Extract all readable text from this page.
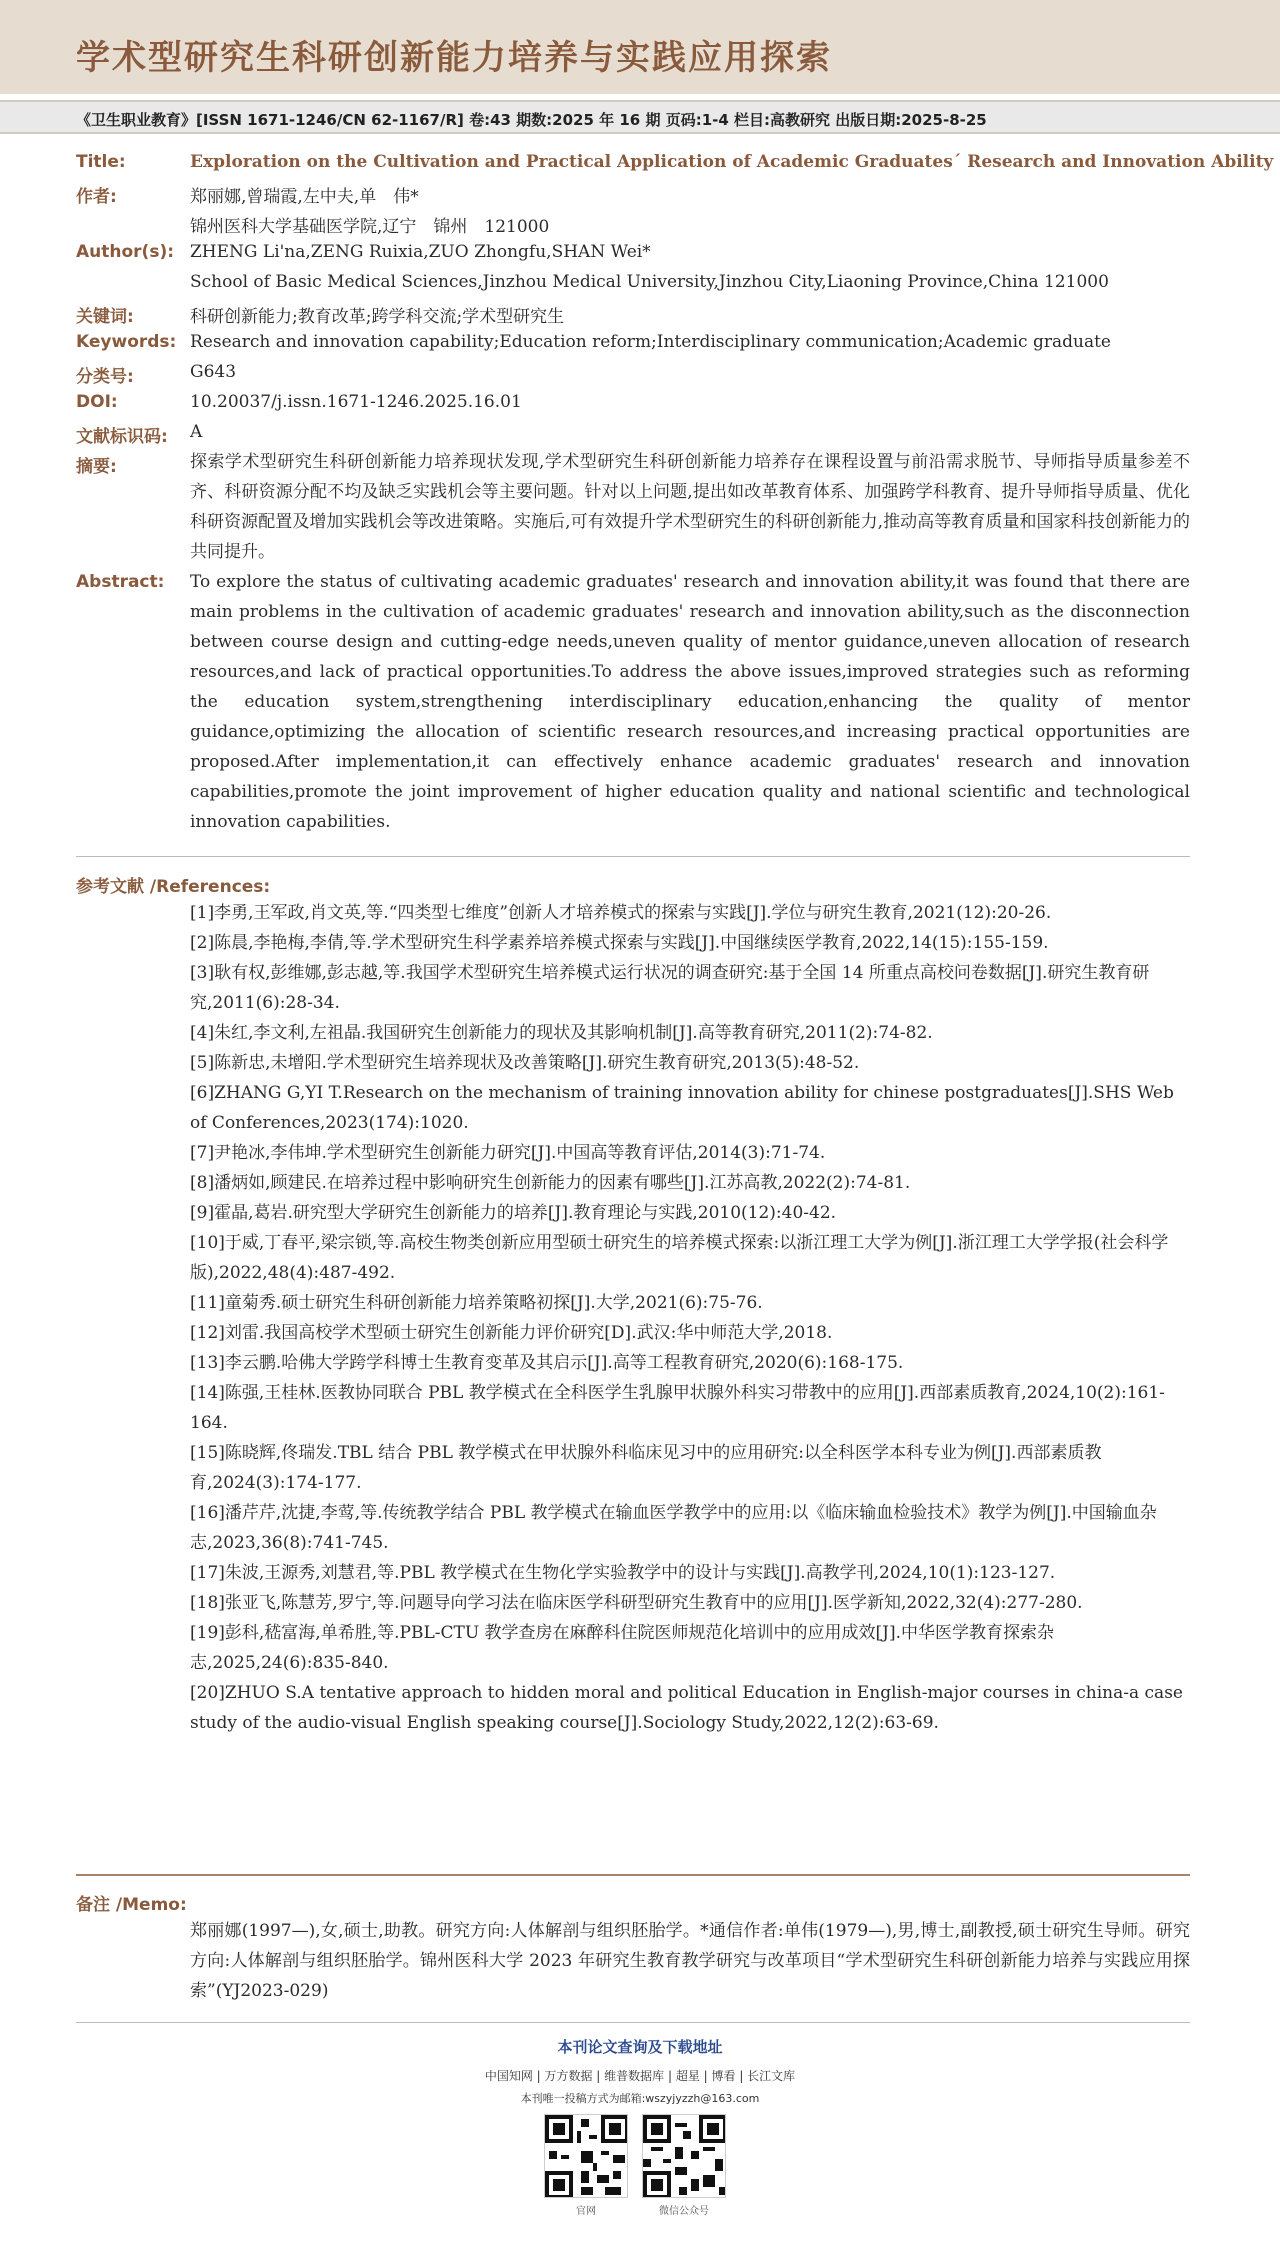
学术型研究生科研创新能力培养与实践应用探索
《卫生职业教育》[ISSN 1671-1246/CN 62-1167/R] 卷:43 期数:2025 年 16 期 页码:1-4 栏目:高教研究 出版日期:2025-8-25
Title:	Exploration on the Cultivation and Practical Application of Academic Graduates´ Research and Innovation Ability
作者:	郑丽娜,曾瑞霞,左中夫,单　伟*
锦州医科大学基础医学院,辽宁　锦州　121000
Author(s): ZHENG Li'na,ZENG Ruixia,ZUO Zhongfu,SHAN Wei*
School of Basic Medical Sciences,Jinzhou Medical University,Jinzhou City,Liaoning Province,China 121000
关键词:	科研创新能力;教育改革;跨学科交流;学术型研究生
Keywords: Research and innovation capability;Education reform;Interdisciplinary communication;Academic graduate
分类号:	G643
DOI:	10.20037/j.issn.1671-1246.2025.16.01
文献标识码: A
摘要:	探索学术型研究生科研创新能力培养现状发现,学术型研究生科研创新能力培养存在课程设置与前沿需求脱节、导师指导质量参差不齐、科研资源分配不均及缺乏实践机会等主要问题。针对以上问题,提出如改革教育体系、加强跨学科教育、提升导师指导质量、优化科研资源配置及增加实践机会等改进策略。实施后,可有效提升学术型研究生的科研创新能力,推动高等教育质量和国家科技创新能力的共同提升。
Abstract: To explore the status of cultivating academic graduates' research and innovation ability,it was found that there are main problems in the cultivation of academic graduates' research and innovation ability,such as the disconnection between course design and cutting-edge needs,uneven quality of mentor guidance,uneven allocation of research resources,and lack of practical opportunities.To address the above issues,improved strategies such as reforming the education system,strengthening interdisciplinary education,enhancing the quality of mentor guidance,optimizing the allocation of scientific research resources,and increasing practical opportunities are proposed.After implementation,it can effectively enhance academic graduates' research and innovation capabilities,promote the joint improvement of higher education quality and national scientific and technological innovation capabilities.
参考文献 /References:
[1]李勇,王军政,肖文英,等.“四类型七维度”创新人才培养模式的探索与实践[J].学位与研究生教育,2021(12):20-26.
[2]陈晨,李艳梅,李倩,等.学术型研究生科学素养培养模式探索与实践[J].中国继续医学教育,2022,14(15):155-159.
[3]耿有权,彭维娜,彭志越,等.我国学术型研究生培养模式运行状况的调查研究:基于全国 14 所重点高校问卷数据[J].研究生教育研究,2011(6):28-34.
[4]朱红,李文利,左祖晶.我国研究生创新能力的现状及其影响机制[J].高等教育研究,2011(2):74-82.
[5]陈新忠,未增阳.学术型研究生培养现状及改善策略[J].研究生教育研究,2013(5):48-52.
[6]ZHANG G,YI T.Research on the mechanism of training innovation ability for chinese postgraduates[J].SHS Web of Conferences,2023(174):1020.
[7]尹艳冰,李伟坤.学术型研究生创新能力研究[J].中国高等教育评估,2014(3):71-74.
[8]潘炳如,顾建民.在培养过程中影响研究生创新能力的因素有哪些[J].江苏高教,2022(2):74-81.
[9]霍晶,葛岩.研究型大学研究生创新能力的培养[J].教育理论与实践,2010(12):40-42.
[10]于威,丁春平,梁宗锁,等.高校生物类创新应用型硕士研究生的培养模式探索:以浙江理工大学为例[J].浙江理工大学学报(社会科学版),2022,48(4):487-492.
[11]童菊秀.硕士研究生科研创新能力培养策略初探[J].大学,2021(6):75-76.
[12]刘雷.我国高校学术型硕士研究生创新能力评价研究[D].武汉:华中师范大学,2018.
[13]李云鹏.哈佛大学跨学科博士生教育变革及其启示[J].高等工程教育研究,2020(6):168-175.
[14]陈强,王桂林.医教协同联合 PBL 教学模式在全科医学生乳腺甲状腺外科实习带教中的应用[J].西部素质教育,2024,10(2):161-164.
[15]陈晓辉,佟瑞发.TBL 结合 PBL 教学模式在甲状腺外科临床见习中的应用研究:以全科医学本科专业为例[J].西部素质教育,2024(3):174-177.
[16]潘芹芹,沈捷,李莺,等.传统教学结合 PBL 教学模式在输血医学教学中的应用:以《临床输血检验技术》教学为例[J].中国输血杂志,2023,36(8):741-745.
[17]朱波,王源秀,刘慧君,等.PBL 教学模式在生物化学实验教学中的设计与实践[J].高教学刊,2024,10(1):123-127.
[18]张亚飞,陈慧芳,罗宁,等.问题导向学习法在临床医学科研型研究生教育中的应用[J].医学新知,2022,32(4):277-280.
[19]彭科,嵇富海,单希胜,等.PBL-CTU 教学查房在麻醉科住院医师规范化培训中的应用成效[J].中华医学教育探索杂志,2025,24(6):835-840.
[20]ZHUO S.A tentative approach to hidden moral and political Education in English-major courses in china-a case study of the audio-visual English speaking course[J].Sociology Study,2022,12(2):63-69.
备注 /Memo:
郑丽娜(1997—),女,硕士,助教。研究方向:人体解剖与组织胚胎学。*通信作者:单伟(1979—),男,博士,副教授,硕士研究生导师。研究方向:人体解剖与组织胚胎学。锦州医科大学 2023 年研究生教育教学研究与改革项目“学术型研究生科研创新能力培养与实践应用探索”(YJ2023-029)
本刊论文查询及下载地址
中国知网 | 万方数据 | 维普数据库 | 超星 | 博看 | 长江文库
本刊唯一投稿方式为邮箱:wszyjyzzh@163.com
官网	微信公众号
